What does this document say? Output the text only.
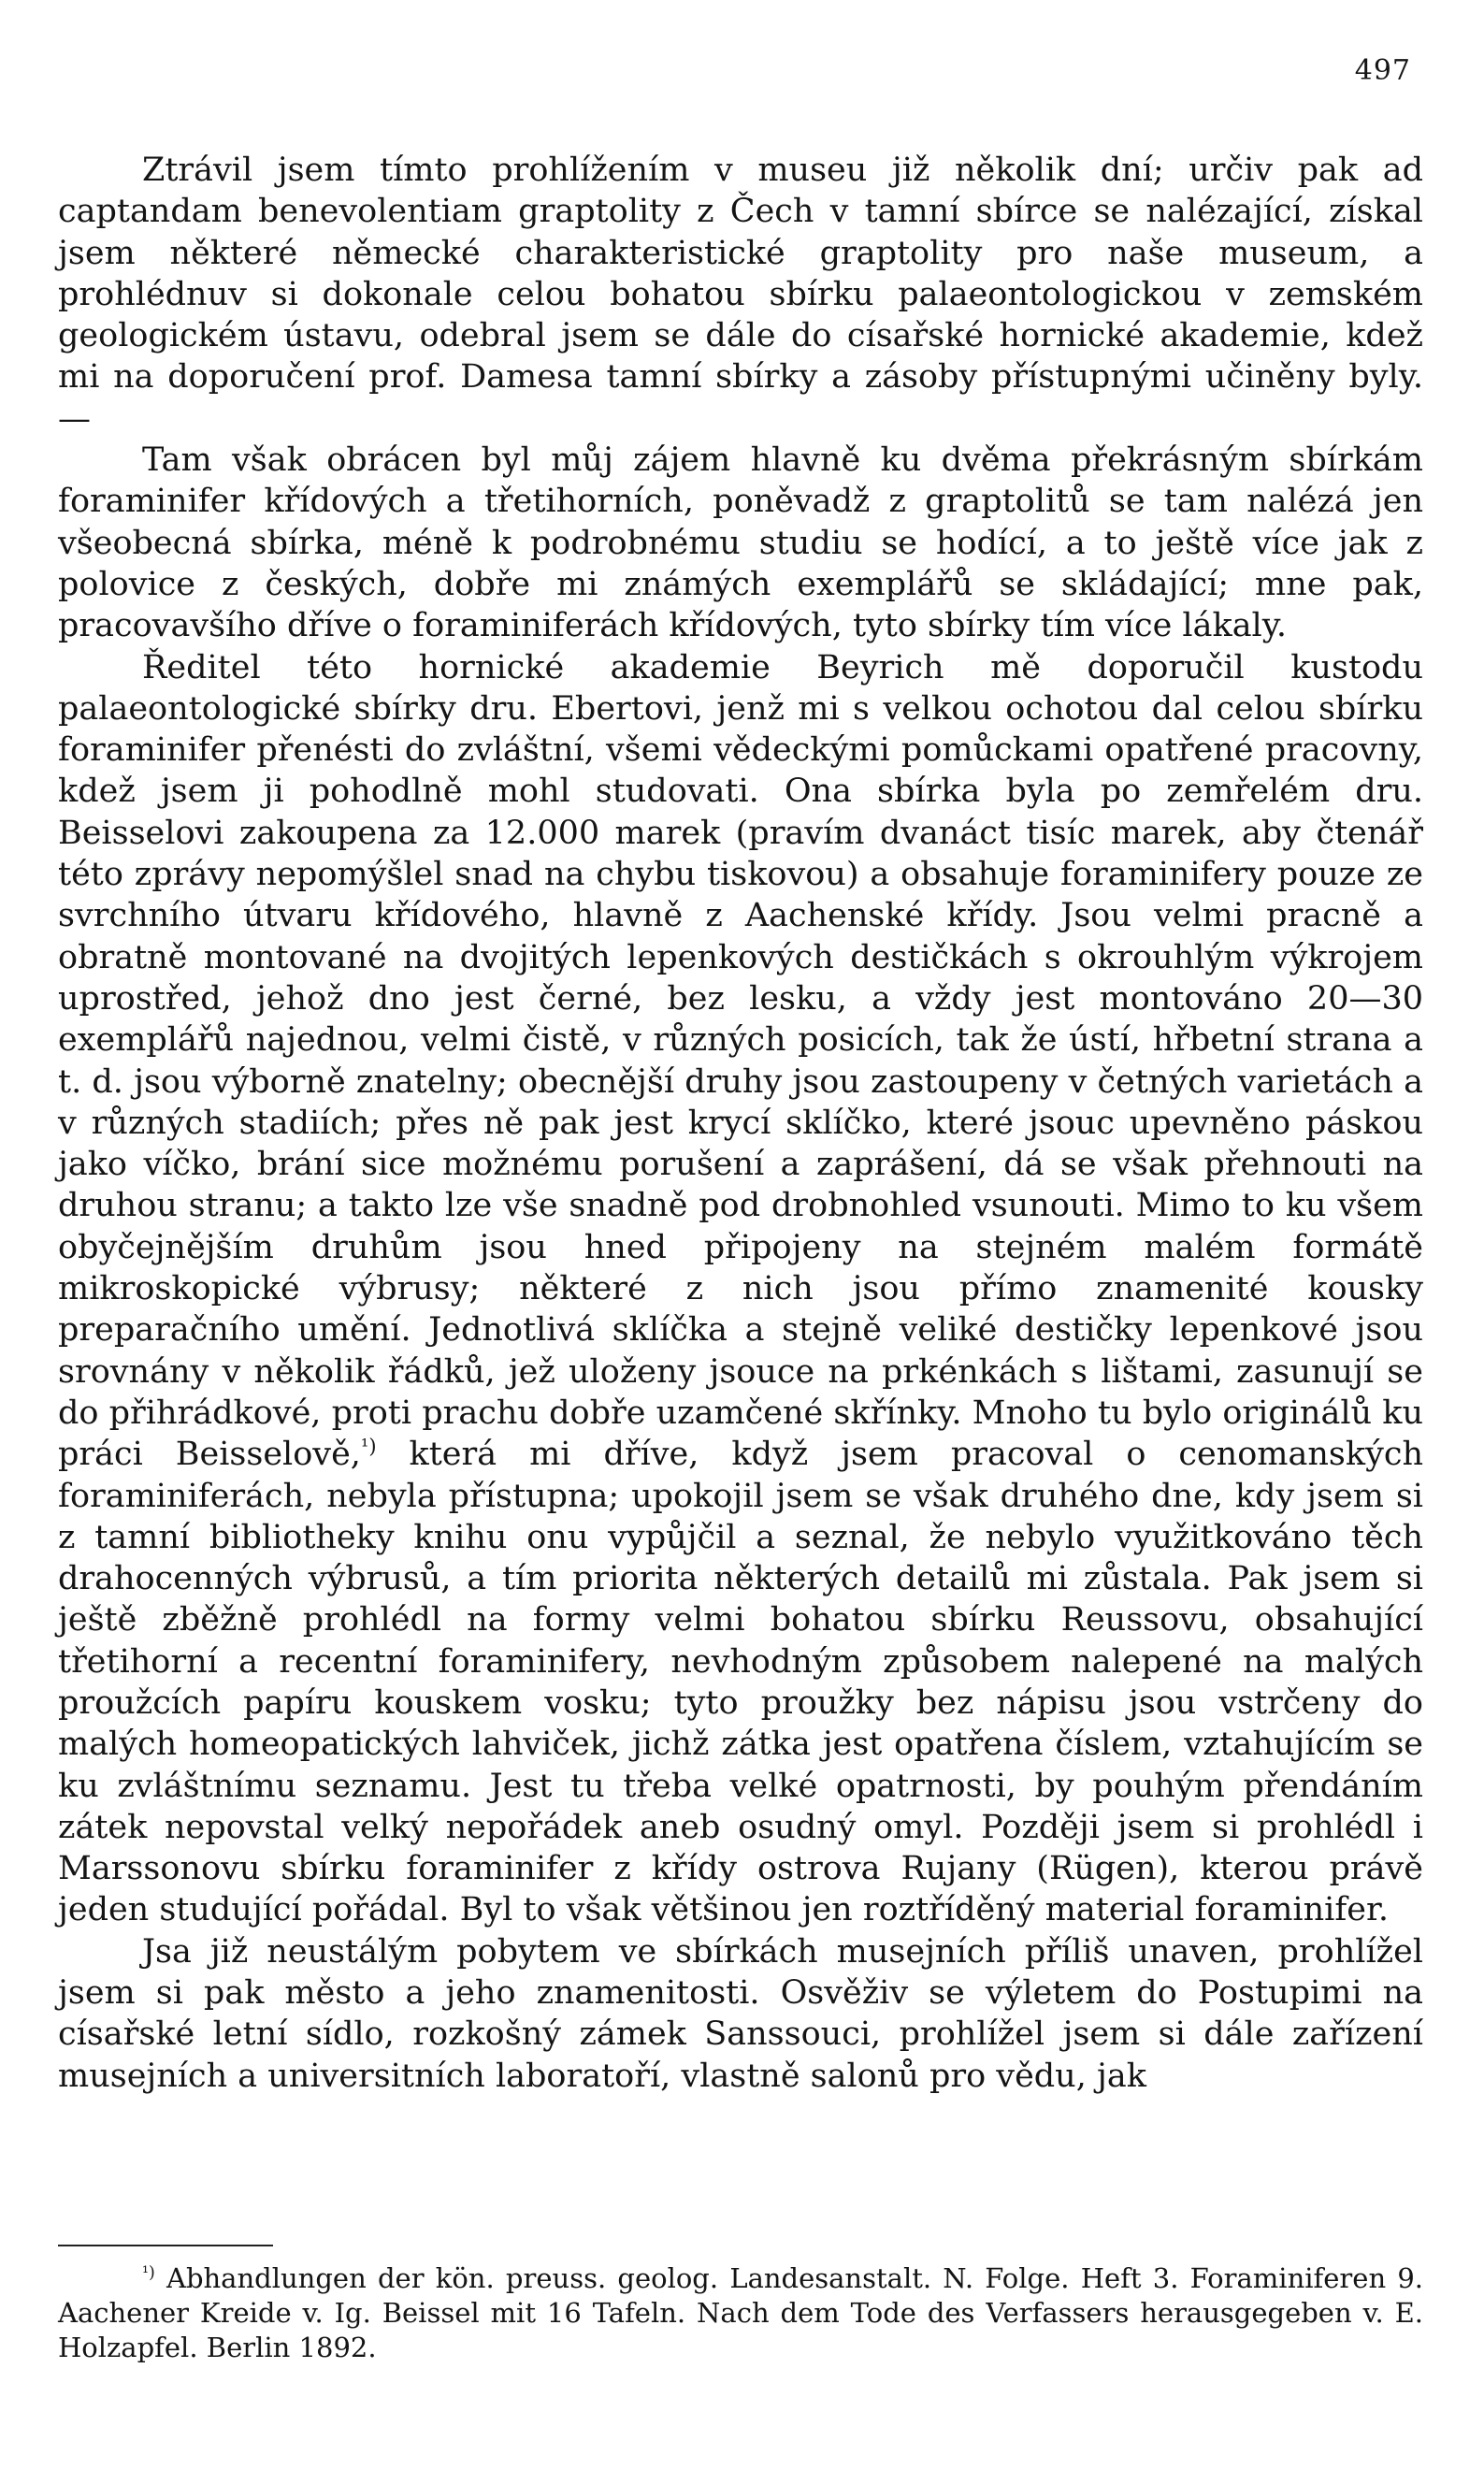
497

Ztrávil jsem tímto prohlížením v museu již několik dní; určiv pak ad captandam benevolentiam graptolity z Čech v tamní sbírce se nalézající, získal jsem některé německé charakteristické graptolity pro naše museum, a prohlédnuv si dokonale celou bohatou sbírku palaeontologickou v zemském geologickém ústavu, odebral jsem se dále do císařské hornické akademie, kdež mi na doporučení prof. Damesa tamní sbírky a zásoby přístupnými učiněny byly. —

Tam však obrácen byl můj zájem hlavně ku dvěma překrásným sbírkám foraminifer křídových a třetihorních, poněvadž z graptolitů se tam nalézá jen všeobecná sbírka, méně k podrobnému studiu se hodící, a to ještě více jak z polovice z českých, dobře mi známých exemplářů se skládající; mne pak, pracovavšího dříve o foraminiferách křídových, tyto sbírky tím více lákaly.

Ředitel této hornické akademie Beyrich mě doporučil kustodu palaeontologické sbírky dru. Ebertovi, jenž mi s velkou ochotou dal celou sbírku foraminifer přenésti do zvláštní, všemi vědeckými pomůckami opatřené pracovny, kdež jsem ji pohodlně mohl studovati. Ona sbírka byla po zemřelém dru. Beisselovi zakoupena za 12.000 marek (pravím dvanáct tisíc marek, aby čtenář této zprávy nepomýšlel snad na chybu tiskovou) a obsahuje foraminifery pouze ze svrchního útvaru křídového, hlavně z Aachenské křídy. Jsou velmi pracně a obratně montované na dvojitých lepenkových destičkách s okrouhlým výkrojem uprostřed, jehož dno jest černé, bez lesku, a vždy jest montováno 20—30 exemplářů najednou, velmi čistě, v různých posicích, tak že ústí, hřbetní strana a t. d. jsou výborně znatelny; obecnější druhy jsou zastoupeny v četných varietách a v různých stadiích; přes ně pak jest krycí sklíčko, které jsouc upevněno páskou jako víčko, brání sice možnému porušení a zaprášení, dá se však přehnouti na druhou stranu; a takto lze vše snadně pod drobnohled vsunouti. Mimo to ku všem obyčejnějším druhům jsou hned připojeny na stejném malém formátě mikroskopické výbrusy; některé z nich jsou přímo znamenité kousky preparačního umění. Jednotlivá sklíčka a stejně veliké destičky lepenkové jsou srovnány v několik řádků, jež uloženy jsouce na prkénkách s lištami, zasunují se do přihrádkové, proti prachu dobře uzamčené skřínky. Mnoho tu bylo originálů ku práci Beisselově,$^{^1)}$ která mi dříve, když jsem pracoval o cenomanských foraminiferách, nebyla přístupna; upokojil jsem se však druhého dne, kdy jsem si z tamní bibliotheky knihu onu vypůjčil a seznal, že nebylo využitkováno těch drahocenných výbrusů, a tím priorita některých detailů mi zůstala. Pak jsem si ještě zběžně prohlédl na formy velmi bohatou sbírku Reussovu, obsahující třetihorní a recentní foraminifery, nevhodným způsobem nalepené na malých proužcích papíru kouskem vosku; tyto proužky bez nápisu jsou vstrčeny do malých homeopatických lahviček, jichž zátka jest opatřena číslem, vztahujícím se ku zvláštnímu seznamu. Jest tu třeba velké opatrnosti, by pouhým přendáním zátek nepovstal velký nepořádek aneb osudný omyl. Později jsem si prohlédl i Marssonovu sbírku foraminifer z křídy ostrova Rujany (Rügen), kterou právě jeden studující pořádal. Byl to však většinou jen roztříděný material foraminifer.

Jsa již neustálým pobytem ve sbírkách musejních příliš unaven, prohlížel jsem si pak město a jeho znamenitosti. Osvěživ se výletem do Postupimi na císařské letní sídlo, rozkošný zámek Sanssouci, prohlížel jsem si dále zařízení musejních a universitních laboratoří, vlastně salonů pro vědu, jak

$^{^1)}$ Abhandlungen der kön. preuss. geolog. Landesanstalt. N. Folge. Heft 3. Foraminiferen 9. Aachener Kreide v. Ig. Beissel mit 16 Tafeln. Nach dem Tode des Verfassers herausgegeben v. E. Holzapfel. Berlin 1892.
